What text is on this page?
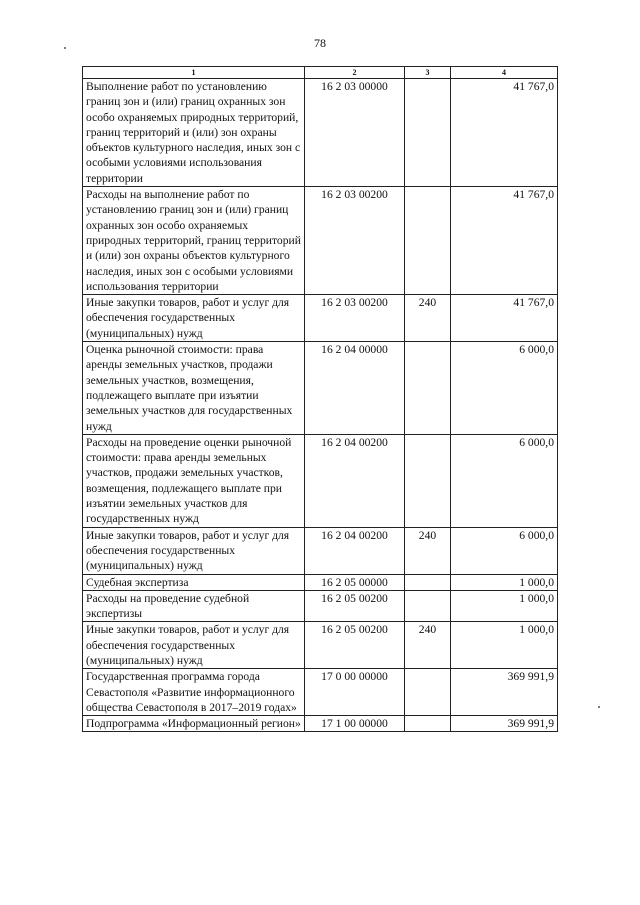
78
1	2	3	4
Выполнение работ по установлению границ зон и (или) границ охранных зон особо охраняемых природных территорий, границ территорий и (или) зон охраны объектов культурного наследия, иных зон с особыми условиями использования территории	16 2 03 00000		41 767,0
Расходы на выполнение работ по установлению границ зон и (или) границ охранных зон особо охраняемых природных территорий, границ территорий и (или) зон охраны объектов культурного наследия, иных зон с особыми условиями использования территории	16 2 03 00200		41 767,0
Иные закупки товаров, работ и услуг для обеспечения государственных (муниципальных) нужд	16 2 03 00200	240	41 767,0
Оценка рыночной стоимости: права аренды земельных участков, продажи земельных участков, возмещения, подлежащего выплате при изъятии земельных участков для государственных нужд	16 2 04 00000		6 000,0
Расходы на проведение оценки рыночной стоимости: права аренды земельных участков, продажи земельных участков, возмещения, подлежащего выплате при изъятии земельных участков для государственных нужд	16 2 04 00200		6 000,0
Иные закупки товаров, работ и услуг для обеспечения государственных (муниципальных) нужд	16 2 04 00200	240	6 000,0
Судебная экспертиза	16 2 05 00000		1 000,0
Расходы на проведение судебной экспертизы	16 2 05 00200		1 000,0
Иные закупки товаров, работ и услуг для обеспечения государственных (муниципальных) нужд	16 2 05 00200	240	1 000,0
Государственная программа города Севастополя «Развитие информационного общества Севастополя в 2017–2019 годах»	17 0 00 00000		369 991,9
Подпрограмма «Информационный регион»	17 1 00 00000		369 991,9
